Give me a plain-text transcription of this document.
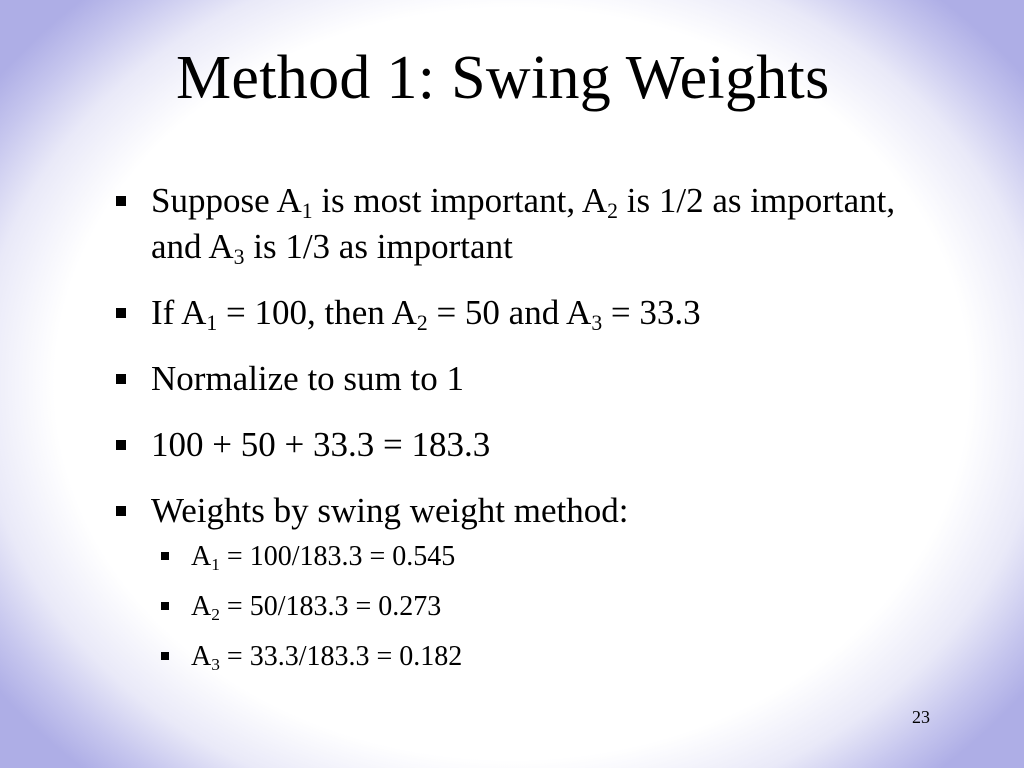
Method 1: Swing Weights
Suppose $A_1$ is most important, $A_2$ is 1/2 as important, and $A_3$ is 1/3 as important
If $A_1 = 100$, then $A_2 = 50$ and $A_3 = 33.3$
Normalize to sum to 1
100 + 50 + 33.3 = 183.3
Weights by swing weight method:
$A_1 = 100/183.3 = 0.545$
$A_2 = 50/183.3 = 0.273$
$A_3 = 33.3/183.3 = 0.182$
23
